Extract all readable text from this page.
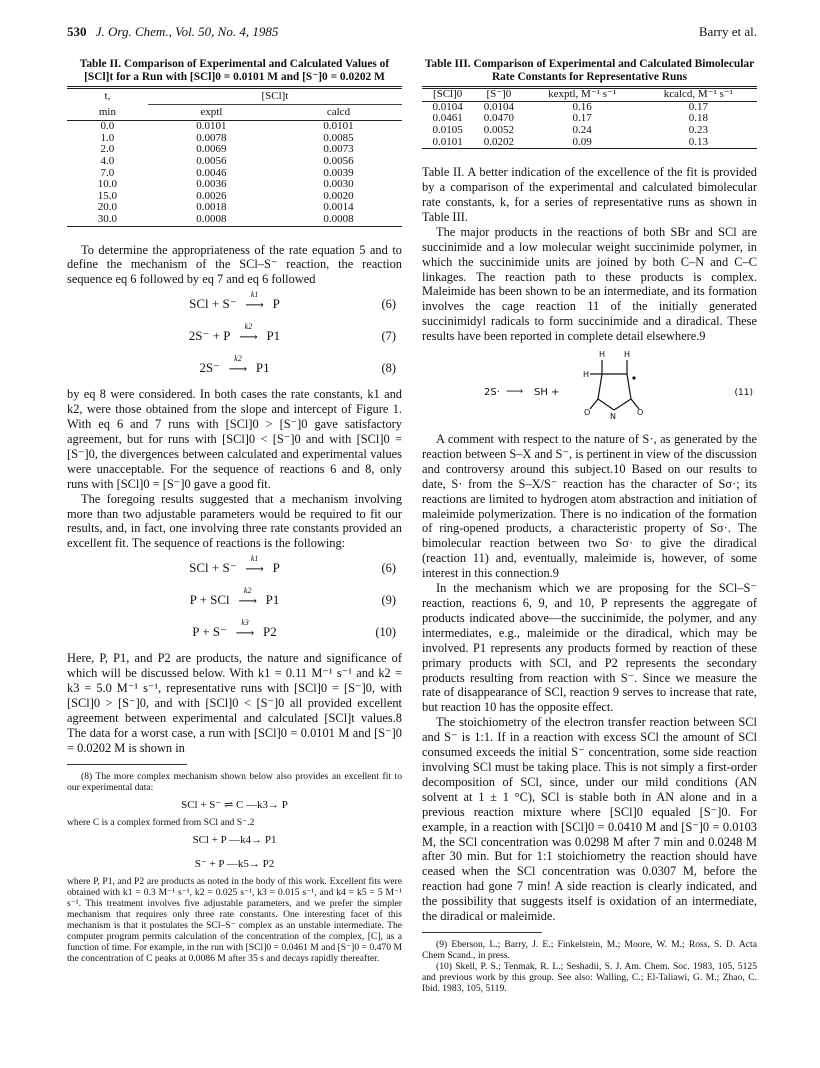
530 J. Org. Chem., Vol. 50, No. 4, 1985	Barry et al.
Table II. Comparison of Experimental and Calculated Values of [SCl]t for a Run with [SCl]0 = 0.0101 M and [S⁻]0 = 0.0202 M
t,	[SCl]t	
min	exptl	calcd
0.0	0.0101	0.0101
1.0	0.0078	0.0085
2.0	0.0069	0.0073
4.0	0.0056	0.0056
7.0	0.0046	0.0039
10.0	0.0036	0.0030
15.0	0.0026	0.0020
20.0	0.0018	0.0014
30.0	0.0008	0.0008

To determine the appropriateness of the rate equation 5 and to define the mechanism of the SCl–S⁻ reaction, the reaction sequence eq 6 followed by eq 7 and eq 6 followed

SCl + S⁻
k1
⟶ P	(6)
2S⁻ + P
k2
⟶ P1	(7)
2S⁻
k2
⟶ P1	(8)

by eq 8 were considered. In both cases the rate constants, k1 and k2, were those obtained from the slope and intercept of Figure 1. With eq 6 and 7 runs with [SCl]0 > [S⁻]0 gave satisfactory agreement, but for runs with [SCl]0 < [S⁻]0 and with [SCl]0 = [S⁻]0, the divergences between calculated and experimental values were unacceptable. For the sequence of reactions 6 and 8, only runs with [SCl]0 = [S⁻]0 gave a good fit.

The foregoing results suggested that a mechanism involving more than two adjustable parameters would be required to fit our results, and, in fact, one involving three rate constants provided an excellent fit. The sequence of reactions is the following:

SCl + S⁻
k1
⟶ P	(6)
P + SCl
k2
⟶ P1	(9)
P + S⁻
k3
⟶ P2	(10)

Here, P, P1, and P2 are products, the nature and significance of which will be discussed below. With k1 = 0.11 M⁻¹ s⁻¹ and k2 = k3 = 5.0 M⁻¹ s⁻¹, representative runs with [SCl]0 = [S⁻]0, with [SCl]0 > [S⁻]0, and with [SCl]0 < [S⁻]0 all provided excellent agreement between experimental and calculated [SCl]t values.8 The data for a worst case, a run with [SCl]0 = 0.0101 M and [S⁻]0 = 0.0202 M is shown in

(8) The more complex mechanism shown below also provides an excellent fit to our experimental data:

SCl + S⁻ ⇌ C —k3→ P

where C is a complex formed from SCl and S⁻.2

SCl + P —k4→ P1
S⁻ + P —k5→ P2

where P, P1, and P2 are products as noted in the body of this work. Excellent fits were obtained with k1 = 0.3 M⁻¹ s⁻¹, k2 = 0.025 s⁻¹, k3 = 0.015 s⁻¹, and k4 = k5 = 5 M⁻¹ s⁻¹. This treatment involves five adjustable parameters, and we prefer the simpler mechanism that requires only three rate constants. One interesting facet of this mechanism is that it postulates the SCl–S⁻ complex as an unstable intermediate. The computer program permits calculation of the concentration of the complex, [C], as a function of time. For example, in the run with [SCl]0 = 0.0461 M and [S⁻]0 = 0.470 M the concentration of C peaks at 0.0086 M after 35 s and decays rapidly thereafter.

Table III. Comparison of Experimental and Calculated Bimolecular Rate Constants for Representative Runs
[SCl]0	[S⁻]0	kexptl, M⁻¹ s⁻¹	kcalcd, M⁻¹ s⁻¹
0.0104	0.0104	0.16	0.17
0.0461	0.0470	0.17	0.18
0.0105	0.0052	0.24	0.23
0.0101	0.0202	0.09	0.13

Table II. A better indication of the excellence of the fit is provided by a comparison of the experimental and calculated bimolecular rate constants, k, for a series of representative runs as shown in Table III.

The major products in the reactions of both SBr and SCl are succinimide and a low molecular weight succinimide polymer, in which the succinimide units are joined by both C–N and C–C linkages. The reaction path to these products is complex. Maleimide has been shown to be an intermediate, and its formation involves the cage reaction 11 of the initially generated succinimidyl radicals to form succinimide and a diradical. These results have been reported in complete detail elsewhere.9

2S· ⟶ SH +
H H
H
O	O
N
(11)

A comment with respect to the nature of S·, as generated by the reaction between S–X and S⁻, is pertinent in view of the discussion and controversy around this subject.10 Based on our results to date, S· from the S–X/S⁻ reaction has the character of Sσ·; its reactions are limited to hydrogen atom abstraction and initiation of maleimide polymerization. There is no indication of the formation of ring-opened products, a characteristic property of Sσ·. The bimolecular reaction between two Sσ· to give the diradical (reaction 11) and, eventually, maleimide is, however, of some interest in this connection.9

In the mechanism which we are proposing for the SCl–S⁻ reaction, reactions 6, 9, and 10, P represents the aggregate of products indicated above—the succinimide, the polymer, and any intermediates, e.g., maleimide or the diradical, which may be involved. P1 represents any products formed by reaction of these primary products with SCl, and P2 represents the secondary products resulting from reaction with S⁻. Since we measure the rate of disappearance of SCl, reaction 9 serves to increase that rate, but reaction 10 has the opposite effect.

The stoichiometry of the electron transfer reaction between SCl and S⁻ is 1:1. If in a reaction with excess SCl the amount of SCl consumed exceeds the initial S⁻ concentration, some side reaction involving SCl must be taking place. This is not simply a first-order decomposition of SCl, since, under our mild conditions (AN solvent at 1 ± 1 °C), SCl is stable both in AN alone and in a previous reaction mixture where [SCl]0 equaled [S⁻]0. For example, in a reaction with [SCl]0 = 0.0410 M and [S⁻]0 = 0.0103 M, the SCl concentration was 0.0298 M after 7 min and 0.0248 M after 30 min. But for 1:1 stoichiometry the reaction should have ceased when the SCl concentration was 0.0307 M, before the reaction had gone 7 min! A side reaction is clearly indicated, and the possibility that suggests itself is oxidation of an intermediate, the diradical or maleimide.

(9) Eberson, L.; Barry, J. E.; Finkelstein, M.; Moore, W. M.; Ross, S. D. Acta Chem Scand., in press.

(10) Skell, P. S.; Tenmak, R. L.; Seshadii, S. J. Am. Chem. Soc. 1983, 105, 5125 and previous work by this group. See also: Walling, C.; El-Taliawi, G. M.; Zhao, C. Ibid. 1983, 105, 5119.
